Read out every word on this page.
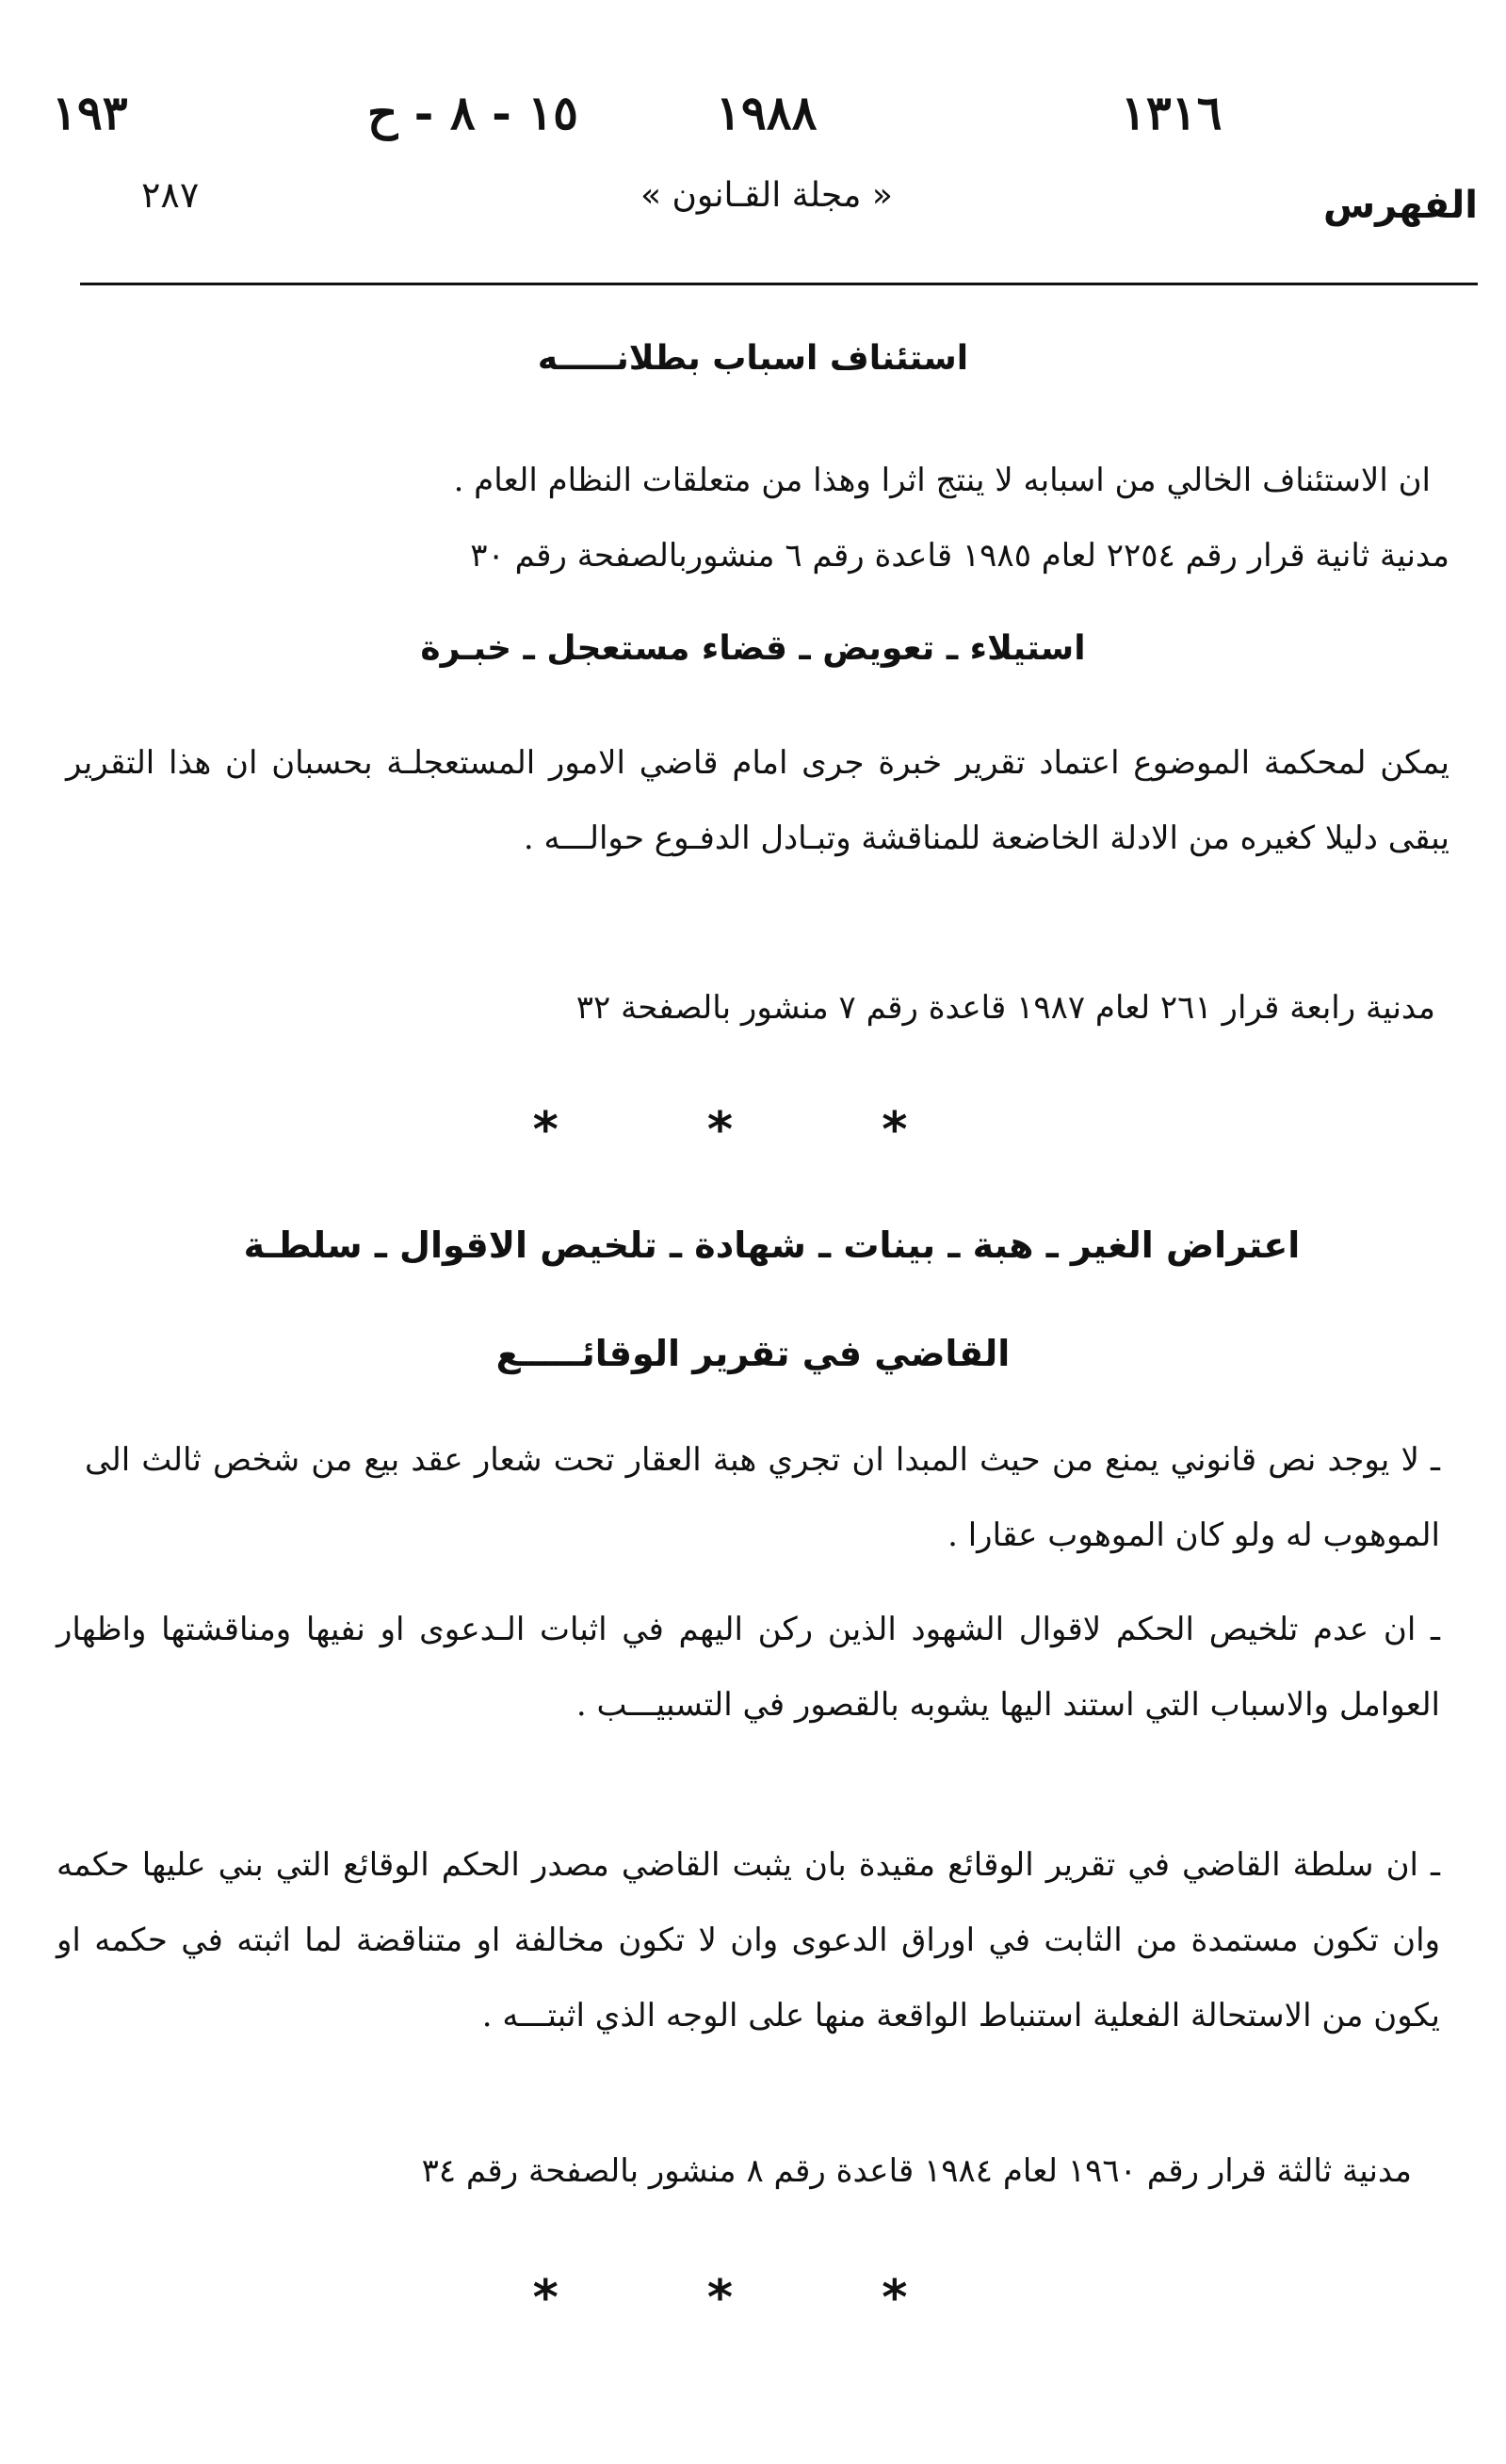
١٩٣	١٥ - ٨ - ح	١٩٨٨	١٣١٦
٢٨٧	« مجلة القـانون »	الفهرس
استئناف اسباب بطلانـــــه
ان الاستئناف الخالي من اسبابه لا ينتج اثرا وهذا من متعلقات النظام العام .
مدنية ثانية قرار رقم ٢٢٥٤ لعام ١٩٨٥ قاعدة رقم ٦ منشوربالصفحة رقم ٣٠
استيلاء ـ تعويض ـ قضاء مستعجل ـ خبـرة
يمكن لمحكمة الموضوع اعتماد تقرير خبرة جرى امام قاضي الامور المستعجلـة بحسبان ان هذا التقرير يبقى دليلا كغيره من الادلة الخاضعة للمناقشة وتبـادل الدفـوع حوالـــه .
مدنية رابعة قرار ٢٦١ لعام ١٩٨٧ قاعدة رقم ٧ منشور بالصفحة ٣٢
* * *
اعتراض الغير ـ هبة ـ بينات ـ شهادة ـ تلخيص الاقوال ـ سلطـة
القاضي في تقرير الوقائـــــع
ـ لا يوجد نص قانوني يمنع من حيث المبدا ان تجري هبة العقار تحت شعار عقد بيع من شخص ثالث الى الموهوب له ولو كان الموهوب عقارا .
ـ ان عدم تلخيص الحكم لاقوال الشهود الذين ركن اليهم في اثبات الـدعوى او نفيها ومناقشتها واظهار العوامل والاسباب التي استند اليها يشوبه بالقصور في التسبيـــب .
ـ ان سلطة القاضي في تقرير الوقائع مقيدة بان يثبت القاضي مصدر الحكم الوقائع التي بني عليها حكمه وان تكون مستمدة من الثابت في اوراق الدعوى وان لا تكون مخالفة او متناقضة لما اثبته في حكمه او يكون من الاستحالة الفعلية استنباط الواقعة منها على الوجه الذي اثبتـــه .
مدنية ثالثة قرار رقم ١٩٦٠ لعام ١٩٨٤ قاعدة رقم ٨ منشور بالصفحة رقم ٣٤
* * *
